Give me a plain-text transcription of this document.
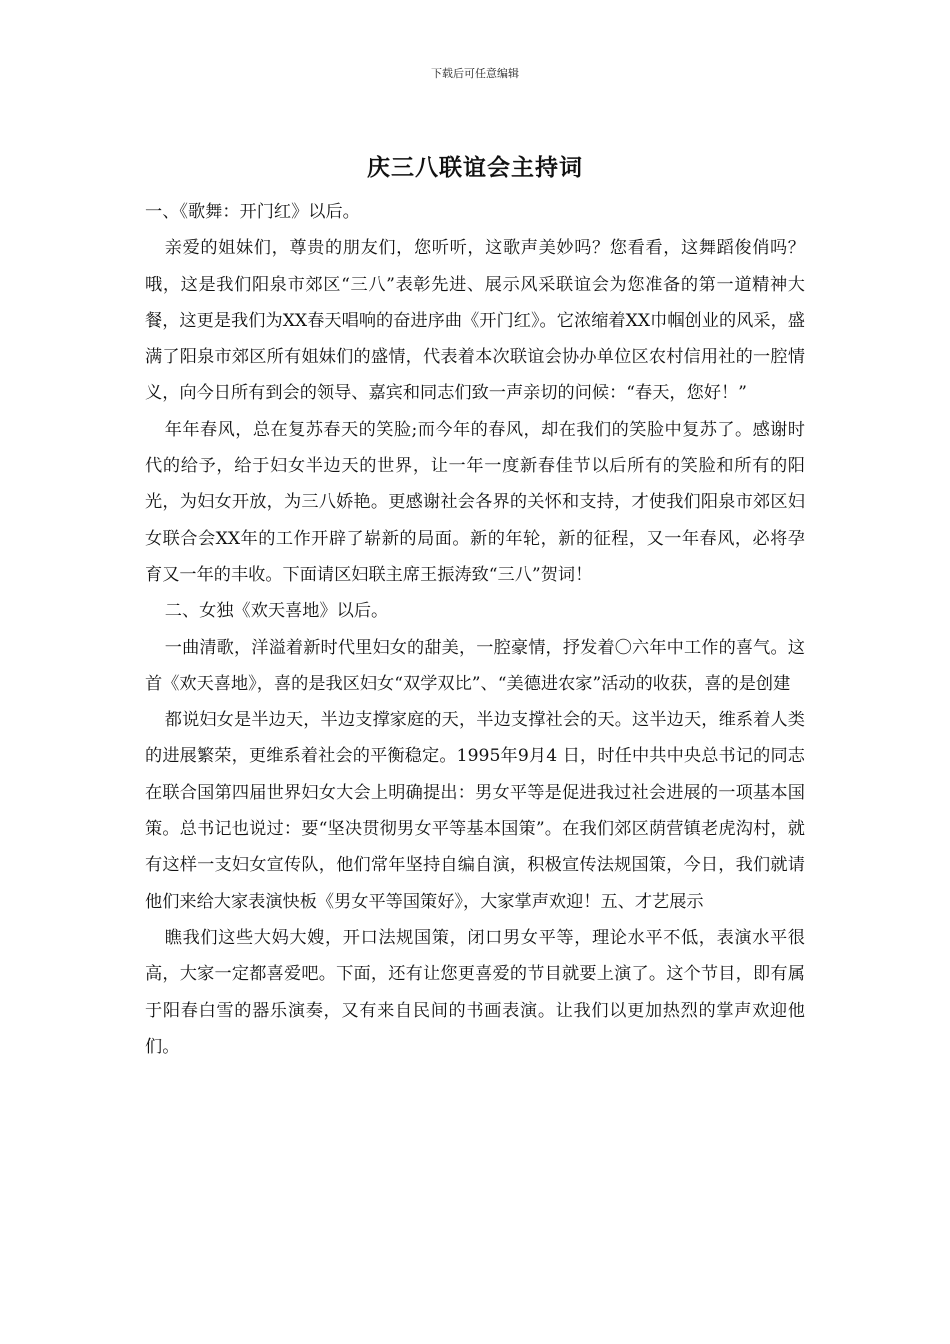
下载后可任意编辑
庆三八联谊会主持词

一、《歌舞：开门红》以后。

亲爱的姐妹们，尊贵的朋友们，您听听，这歌声美妙吗？您看看，这舞蹈俊俏吗？哦，这是我们阳泉市郊区“三八”表彰先进、展示风采联谊会为您准备的第一道精神大餐，这更是我们为XX春天唱响的奋进序曲《开门红》。它浓缩着XX巾帼创业的风采，盛满了阳泉市郊区所有姐妹们的盛情，代表着本次联谊会协办单位区农村信用社的一腔情义，向今日所有到会的领导、嘉宾和同志们致一声亲切的问候：“春天，您好！”

年年春风，总在复苏春天的笑脸;而今年的春风，却在我们的笑脸中复苏了。感谢时代的给予，给于妇女半边天的世界，让一年一度新春佳节以后所有的笑脸和所有的阳光，为妇女开放，为三八娇艳。更感谢社会各界的关怀和支持，才使我们阳泉市郊区妇女联合会XX年的工作开辟了崭新的局面。新的年轮，新的征程，又一年春风，必将孕育又一年的丰收。下面请区妇联主席王振涛致“三八”贺词！

二、女独《欢天喜地》以后。

一曲清歌，洋溢着新时代里妇女的甜美，一腔豪情，抒发着〇六年中工作的喜气。这首《欢天喜地》，喜的是我区妇女“双学双比”、“美德进农家”活动的收获，喜的是创建

都说妇女是半边天，半边支撑家庭的天，半边支撑社会的天。这半边天，维系着人类的进展繁荣，更维系着社会的平衡稳定。1995年9月4 日，时任中共中央总书记的同志在联合国第四届世界妇女大会上明确提出：男女平等是促进我过社会进展的一项基本国策。总书记也说过：要“坚决贯彻男女平等基本国策”。在我们郊区荫营镇老虎沟村，就有这样一支妇女宣传队，他们常年坚持自编自演，积极宣传法规国策，今日，我们就请他们来给大家表演快板《男女平等国策好》，大家掌声欢迎！五、才艺展示

瞧我们这些大妈大嫂，开口法规国策，闭口男女平等，理论水平不低，表演水平很高，大家一定都喜爱吧。下面，还有让您更喜爱的节目就要上演了。这个节目，即有属于阳春白雪的器乐演奏，又有来自民间的书画表演。让我们以更加热烈的掌声欢迎他们。
